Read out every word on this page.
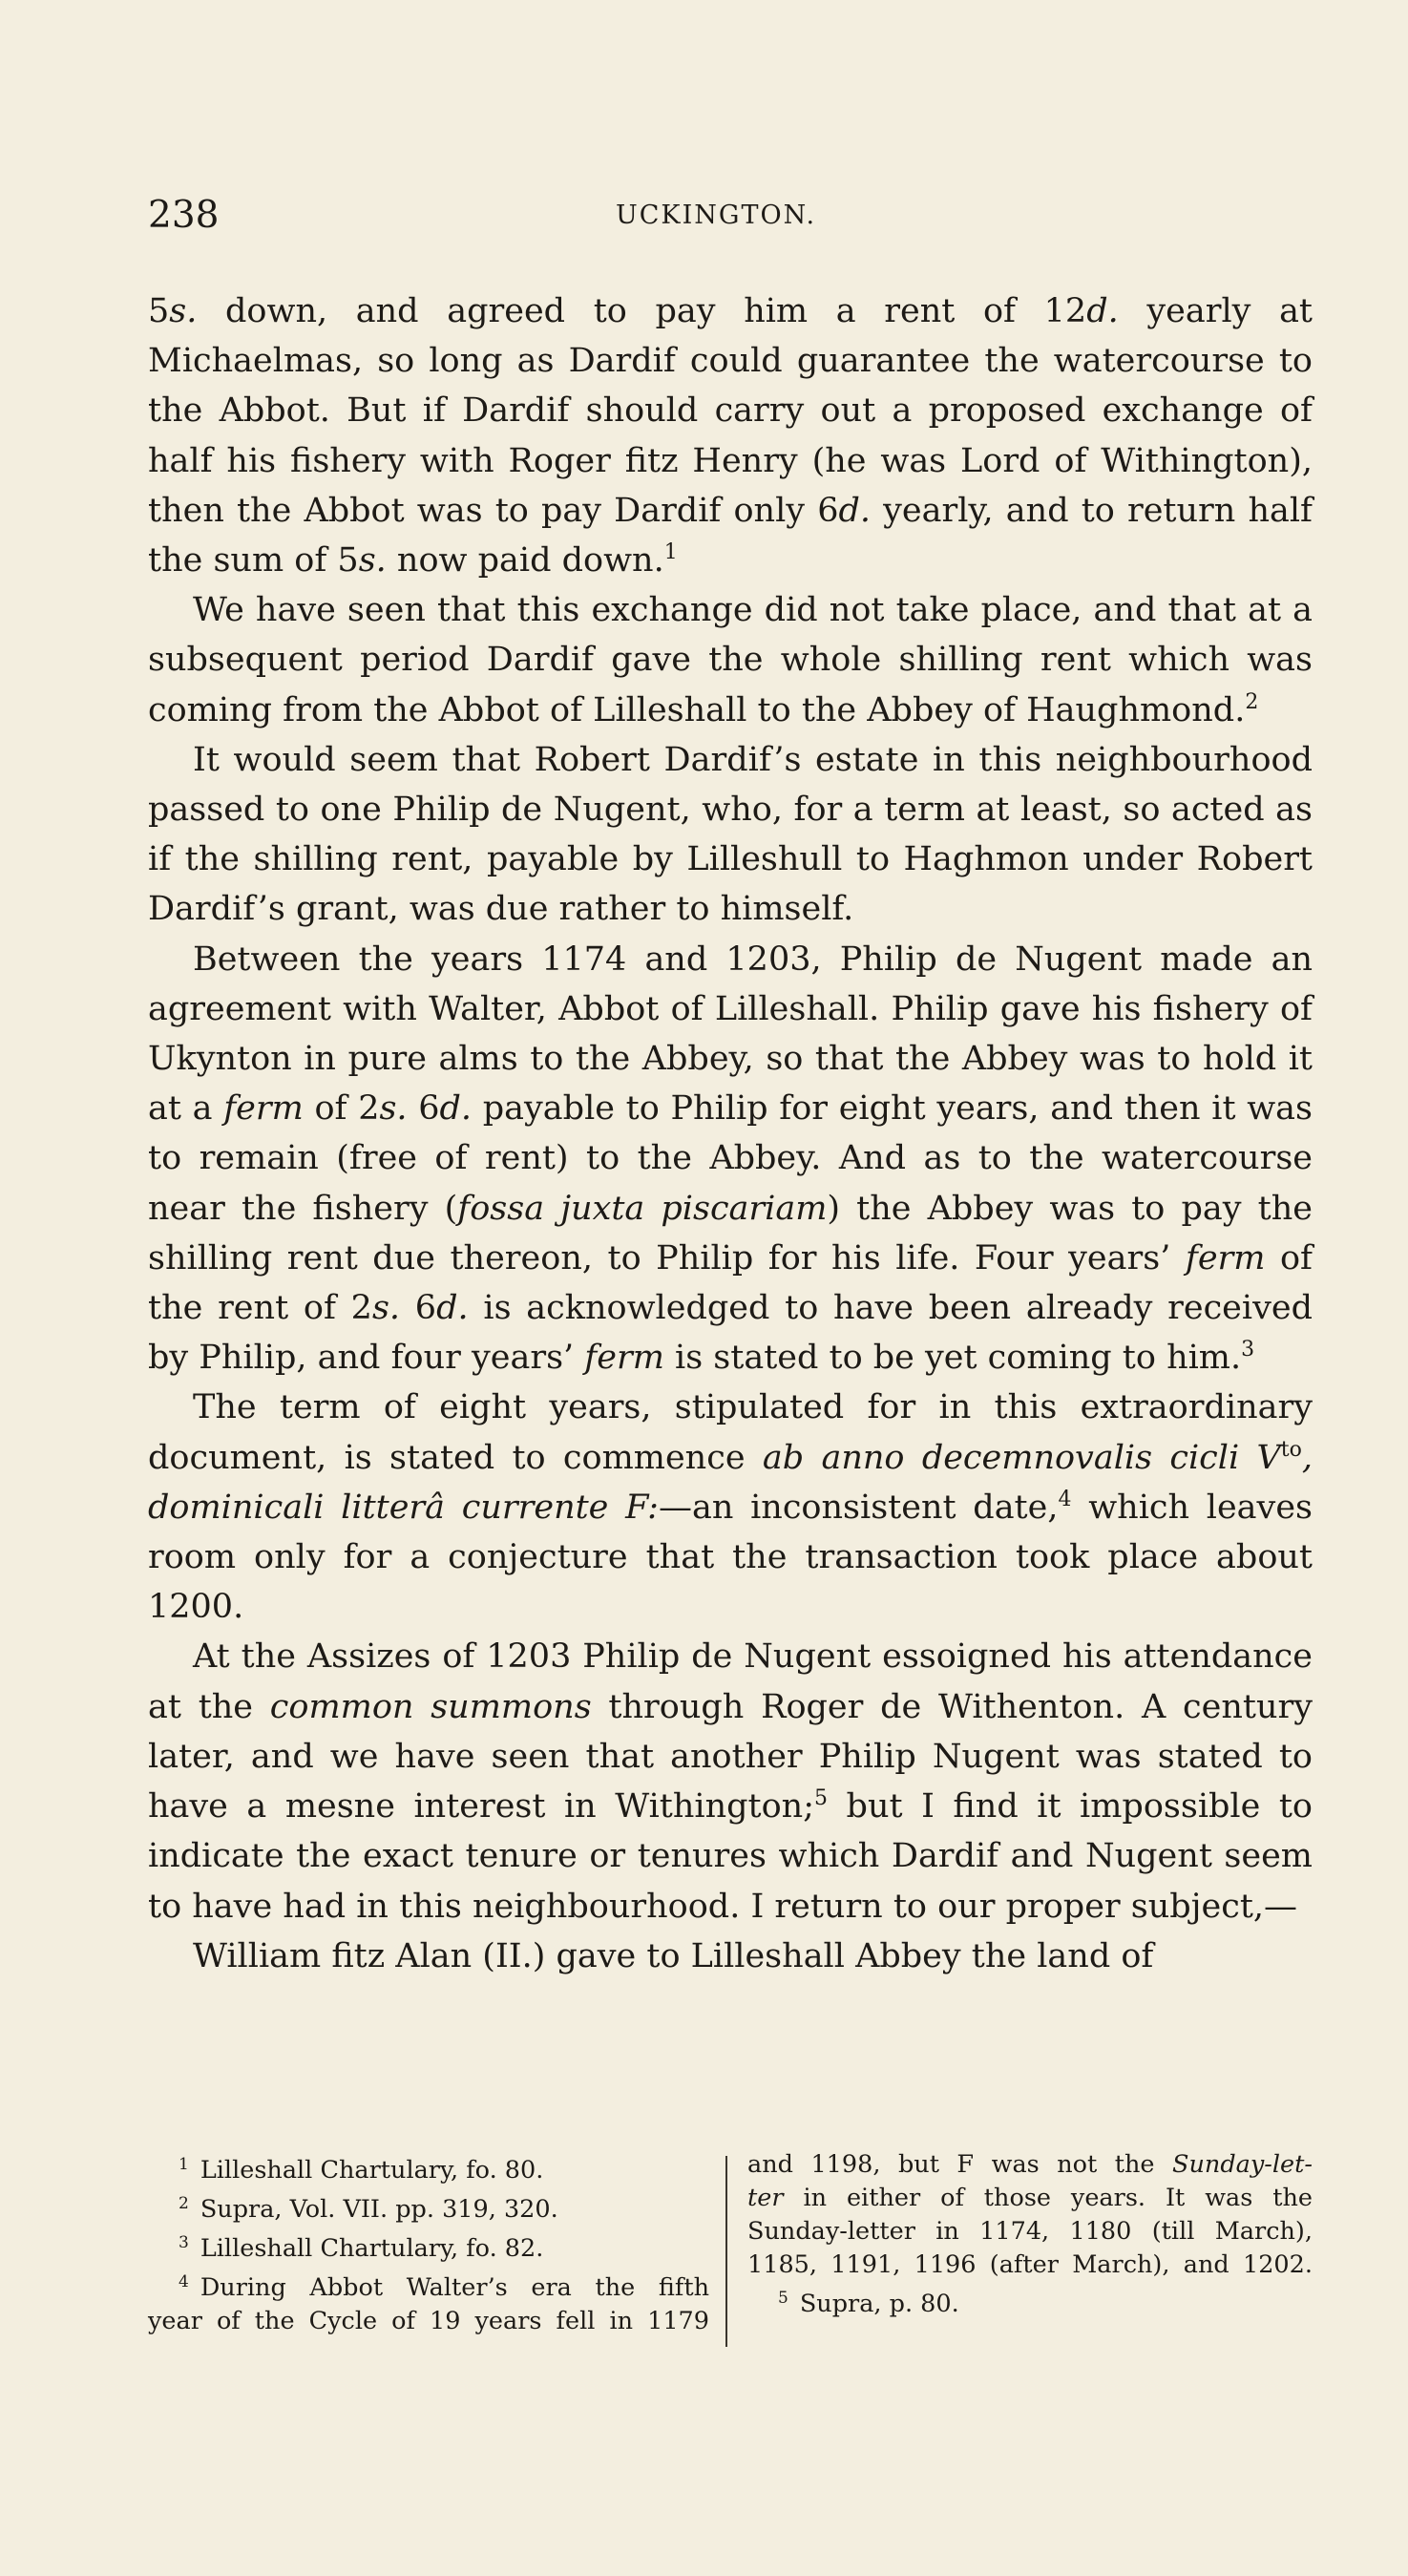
238	UCKINGTON.

5s. down, and agreed to pay him a rent of 12d. yearly at Michaelmas, so long as Dardif could guarantee the watercourse to the Abbot. But if Dardif should carry out a proposed exchange of half his fishery with Roger fitz Henry (he was Lord of Withington), then the Abbot was to pay Dardif only 6d. yearly, and to return half the sum of 5s. now paid down.$^1$

We have seen that this exchange did not take place, and that at a subsequent period Dardif gave the whole shilling rent which was coming from the Abbot of Lilleshall to the Abbey of Haughmond.$^2$

It would seem that Robert Dardif’s estate in this neighbourhood passed to one Philip de Nugent, who, for a term at least, so acted as if the shilling rent, payable by Lilleshull to Haghmon under Robert Dardif’s grant, was due rather to himself.

Between the years 1174 and 1203, Philip de Nugent made an agreement with Walter, Abbot of Lilleshall. Philip gave his fishery of Ukynton in pure alms to the Abbey, so that the Abbey was to hold it at a ferm of 2s. 6d. payable to Philip for eight years, and then it was to remain (free of rent) to the Abbey. And as to the watercourse near the fishery (fossa juxta piscariam) the Abbey was to pay the shilling rent due thereon, to Philip for his life. Four years’ ferm of the rent of 2s. 6d. is acknowledged to have been already received by Philip, and four years’ ferm is stated to be yet coming to him.$^3$

The term of eight years, stipulated for in this extraordinary document, is stated to commence ab anno decemnovalis cicli V$^{to}$, dominicali litterâ currente F:—an inconsistent date,$^4$ which leaves room only for a conjecture that the transaction took place about 1200.

At the Assizes of 1203 Philip de Nugent essoigned his attendance at the common summons through Roger de Withenton. A century later, and we have seen that another Philip Nugent was stated to have a mesne interest in Withington;$^5$ but I find it impossible to indicate the exact tenure or tenures which Dardif and Nugent seem to have had in this neighbourhood. I return to our proper subject,—

William fitz Alan (II.) gave to Lilleshall Abbey the land of

$^1$ Lilleshall Chartulary, fo. 80.
$^2$ Supra, Vol. VII. pp. 319, 320.
$^3$ Lilleshall Chartulary, fo. 82.
$^4$ During Abbot Walter’s era the fifth
year of the Cycle of 19 years fell in 1179
and 1198, but F was not the Sunday-let-
ter in either of those years. It was the
Sunday-letter in 1174, 1180 (till March),
1185, 1191, 1196 (after March), and 1202.
$^5$ Supra, p. 80.
